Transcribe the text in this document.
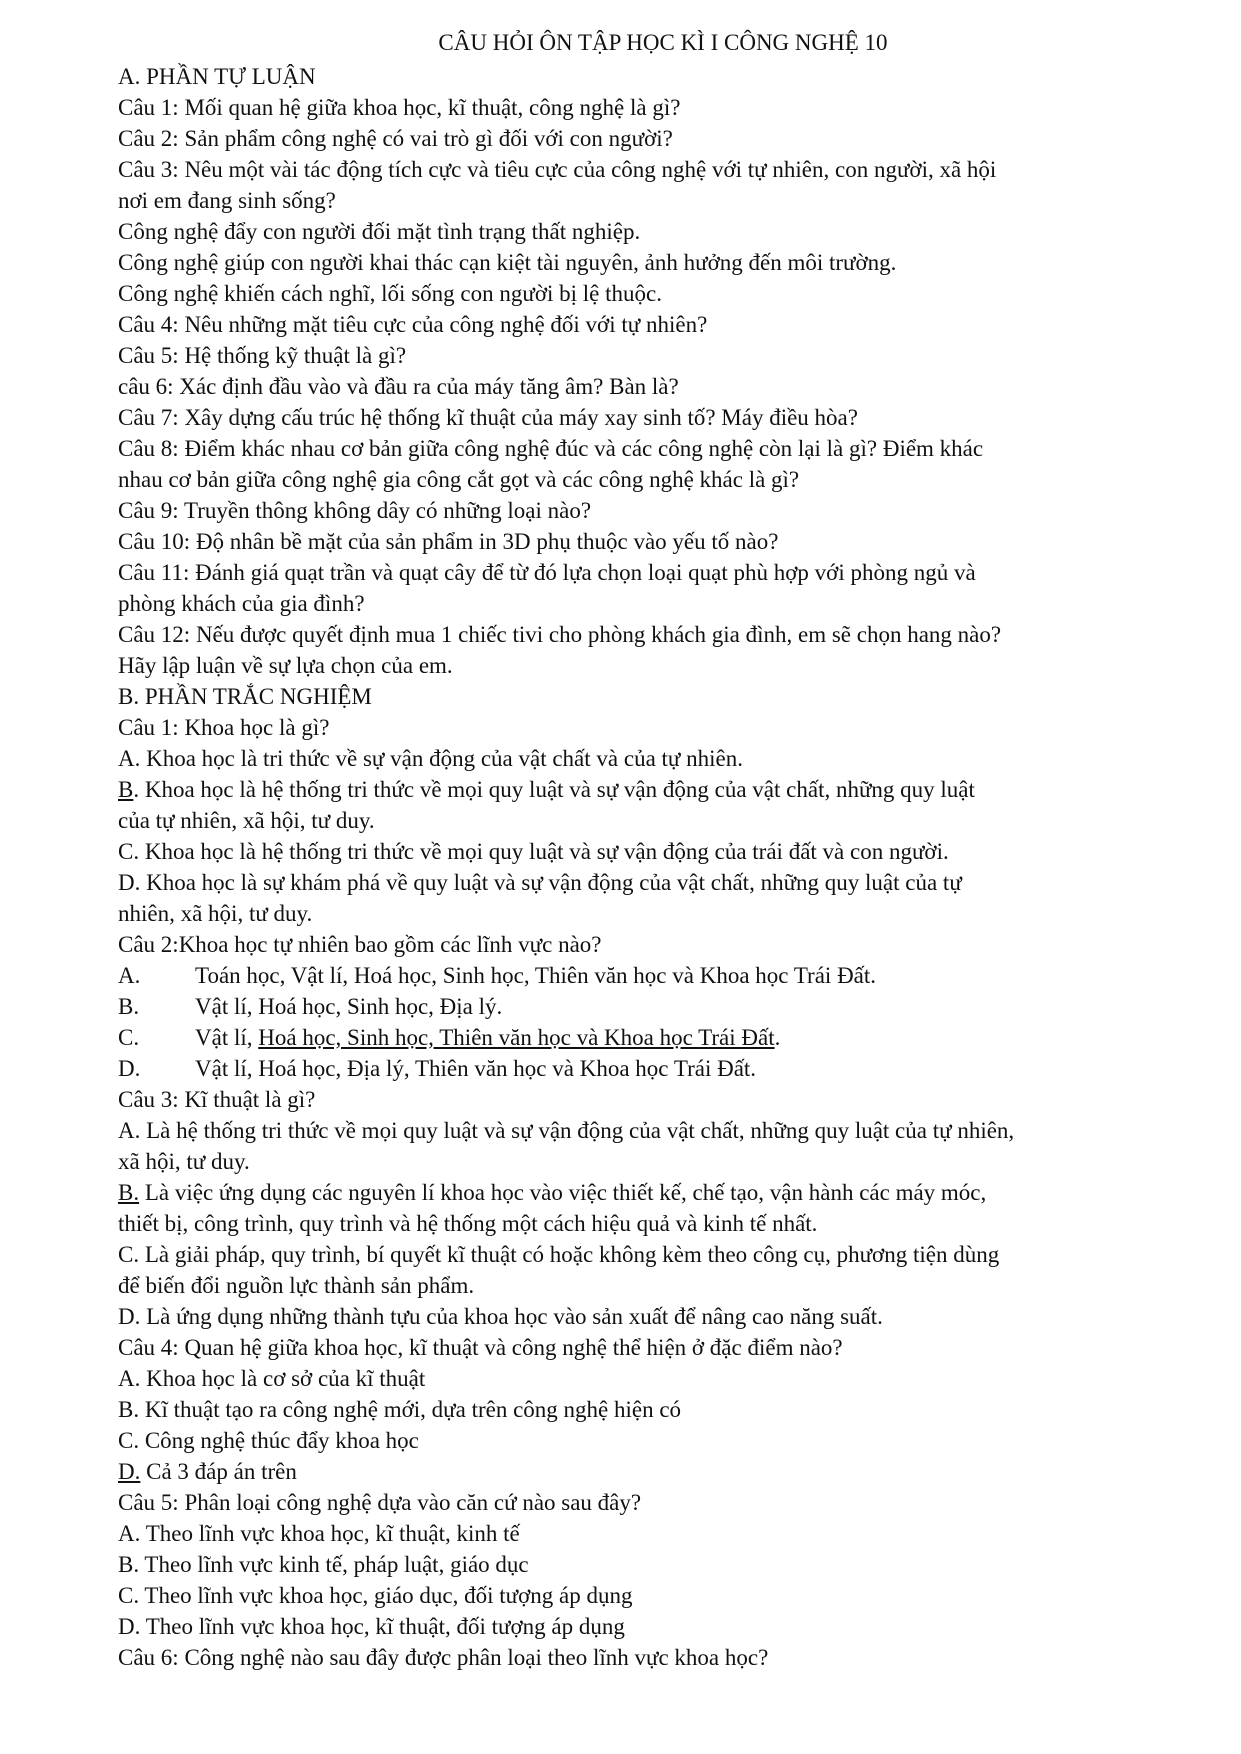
CÂU HỎI ÔN TẬP HỌC KÌ I CÔNG NGHỆ 10
A. PHẦN TỰ LUẬN
Câu 1: Mối quan hệ giữa khoa học, kĩ thuật, công nghệ là gì?
Câu 2: Sản phẩm công nghệ có vai trò gì đối với con người?
Câu 3: Nêu một vài tác động tích cực và tiêu cực của công nghệ với tự nhiên, con người, xã hội
nơi em đang sinh sống?
Công nghệ đẩy con người đối mặt tình trạng thất nghiệp.
Công nghệ giúp con người khai thác cạn kiệt tài nguyên, ảnh hưởng đến môi trường.
Công nghệ khiến cách nghĩ, lối sống con người bị lệ thuộc.
Câu 4: Nêu những mặt tiêu cực của công nghệ đối với tự nhiên?
Câu 5: Hệ thống kỹ thuật là gì?
câu 6: Xác định đầu vào và đầu ra của máy tăng âm? Bàn là?
Câu 7: Xây dựng cấu trúc hệ thống kĩ thuật của máy xay sinh tố? Máy điều hòa?
Câu 8: Điểm khác nhau cơ bản giữa công nghệ đúc và các công nghệ còn lại là gì? Điểm khác
nhau cơ bản giữa công nghệ gia công cắt gọt và các công nghệ khác là gì?
Câu 9: Truyền thông không dây có những loại nào?
Câu 10: Độ nhân bề mặt của sản phẩm in 3D phụ thuộc vào yếu tố nào?
Câu 11: Đánh giá quạt trần và quạt cây để từ đó lựa chọn loại quạt phù hợp với phòng ngủ và
phòng khách của gia đình?
Câu 12: Nếu được quyết định mua 1 chiếc tivi cho phòng khách gia đình, em sẽ chọn hang nào?
Hãy lập luận về sự lựa chọn của em.
B. PHẦN TRẮC NGHIỆM
Câu 1: Khoa học là gì?
A. Khoa học là tri thức về sự vận động của vật chất và của tự nhiên.
B. Khoa học là hệ thống tri thức về mọi quy luật và sự vận động của vật chất, những quy luật
của tự nhiên, xã hội, tư duy.
C. Khoa học là hệ thống tri thức về mọi quy luật và sự vận động của trái đất và con người.
D. Khoa học là sự khám phá về quy luật và sự vận động của vật chất, những quy luật của tự
nhiên, xã hội, tư duy.
Câu 2:Khoa học tự nhiên bao gồm các lĩnh vực nào?
A. Toán học, Vật lí, Hoá học, Sinh học, Thiên văn học và Khoa học Trái Đất.
B. Vật lí, Hoá học, Sinh học, Địa lý.
C. Vật lí, Hoá học, Sinh học, Thiên văn học và Khoa học Trái Đất.
D. Vật lí, Hoá học, Địa lý, Thiên văn học và Khoa học Trái Đất.
Câu 3: Kĩ thuật là gì?
A. Là hệ thống tri thức về mọi quy luật và sự vận động của vật chất, những quy luật của tự nhiên,
xã hội, tư duy.
B. Là việc ứng dụng các nguyên lí khoa học vào việc thiết kế, chế tạo, vận hành các máy móc,
thiết bị, công trình, quy trình và hệ thống một cách hiệu quả và kinh tế nhất.
C. Là giải pháp, quy trình, bí quyết kĩ thuật có hoặc không kèm theo công cụ, phương tiện dùng
để biến đổi nguồn lực thành sản phẩm.
D. Là ứng dụng những thành tựu của khoa học vào sản xuất để nâng cao năng suất.
Câu 4: Quan hệ giữa khoa học, kĩ thuật và công nghệ thể hiện ở đặc điểm nào?
A. Khoa học là cơ sở của kĩ thuật
B. Kĩ thuật tạo ra công nghệ mới, dựa trên công nghệ hiện có
C. Công nghệ thúc đẩy khoa học
D. Cả 3 đáp án trên
Câu 5: Phân loại công nghệ dựa vào căn cứ nào sau đây?
A. Theo lĩnh vực khoa học, kĩ thuật, kinh tế
B. Theo lĩnh vực kinh tế, pháp luật, giáo dục
C. Theo lĩnh vực khoa học, giáo dục, đối tượng áp dụng
D. Theo lĩnh vực khoa học, kĩ thuật, đối tượng áp dụng
Câu 6: Công nghệ nào sau đây được phân loại theo lĩnh vực khoa học?
